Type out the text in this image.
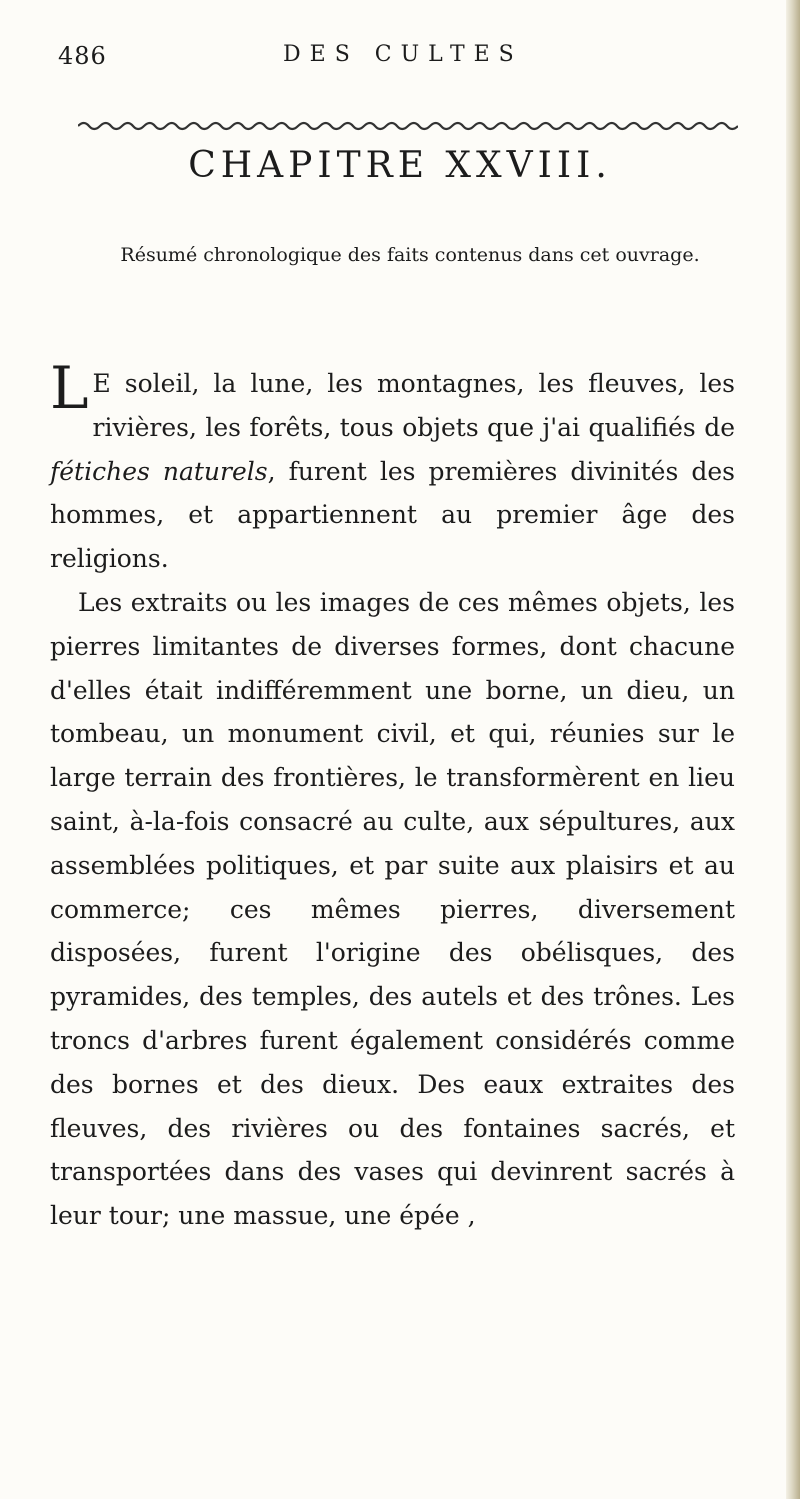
486	DES CULTES
CHAPITRE XXVIII.

Résumé chronologique des faits contenus dans cet ouvrage.

L E soleil, la lune, les montagnes, les fleuves, les rivières, les forêts, tous objets que j'ai qualifiés de fétiches naturels, furent les premières divinités des hommes, et appartiennent au premier âge des religions.

Les extraits ou les images de ces mêmes objets, les pierres limitantes de diverses formes, dont chacune d'elles était indifféremment une borne, un dieu, un tombeau, un monument civil, et qui, réunies sur le large terrain des frontières, le transformèrent en lieu saint, à-la-fois consacré au culte, aux sépultures, aux assemblées politiques, et par suite aux plaisirs et au commerce; ces mêmes pierres, diversement disposées, furent l'origine des obélisques, des pyramides, des temples, des autels et des trônes. Les troncs d'arbres furent également considérés comme des bornes et des dieux. Des eaux extraites des fleuves, des rivières ou des fontaines sacrés, et transportées dans des vases qui devinrent sacrés à leur tour; une massue, une épée ,
